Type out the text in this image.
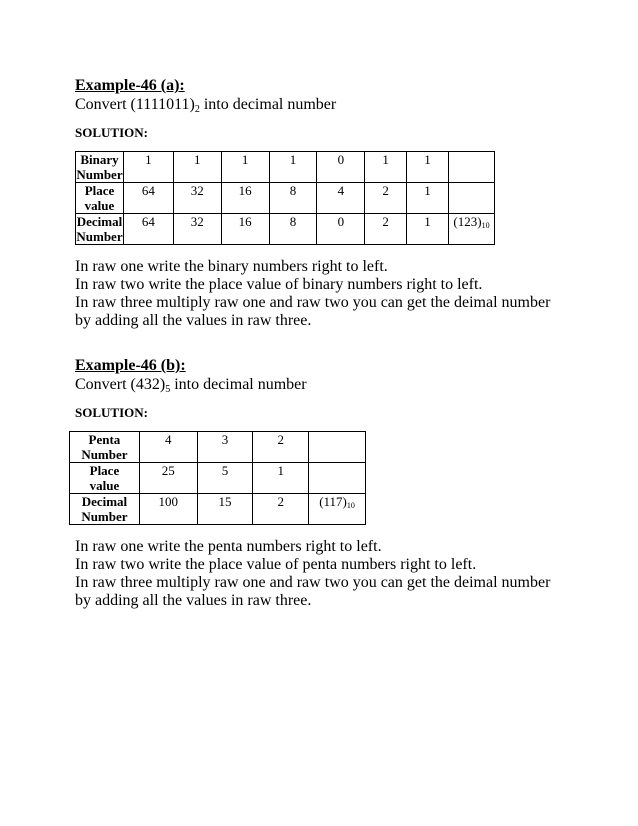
Example-46 (a):
Convert $(1111011)_2$ into decimal number
SOLUTION:
Binary
Number	1	1	1	1	0	1	1	
Place
value	64	32	16	8	4	2	1	
Decimal
Number	64	32	16	8	0	2	1	$(123)_{10}$

In raw one write the binary numbers right to left.

In raw two write the place value of binary numbers right to left.

In raw three multiply raw one and raw two you can get the deimal number by adding all the values in raw three.

Example-46 (b):
Convert $(432)_5$ into decimal number
SOLUTION:
Penta
Number	4	3	2	
Place
value	25	5	1	
Decimal
Number	100	15	2	$(117)_{10}$

In raw one write the penta numbers right to left.

In raw two write the place value of penta numbers right to left.

In raw three multiply raw one and raw two you can get the deimal number by adding all the values in raw three.
